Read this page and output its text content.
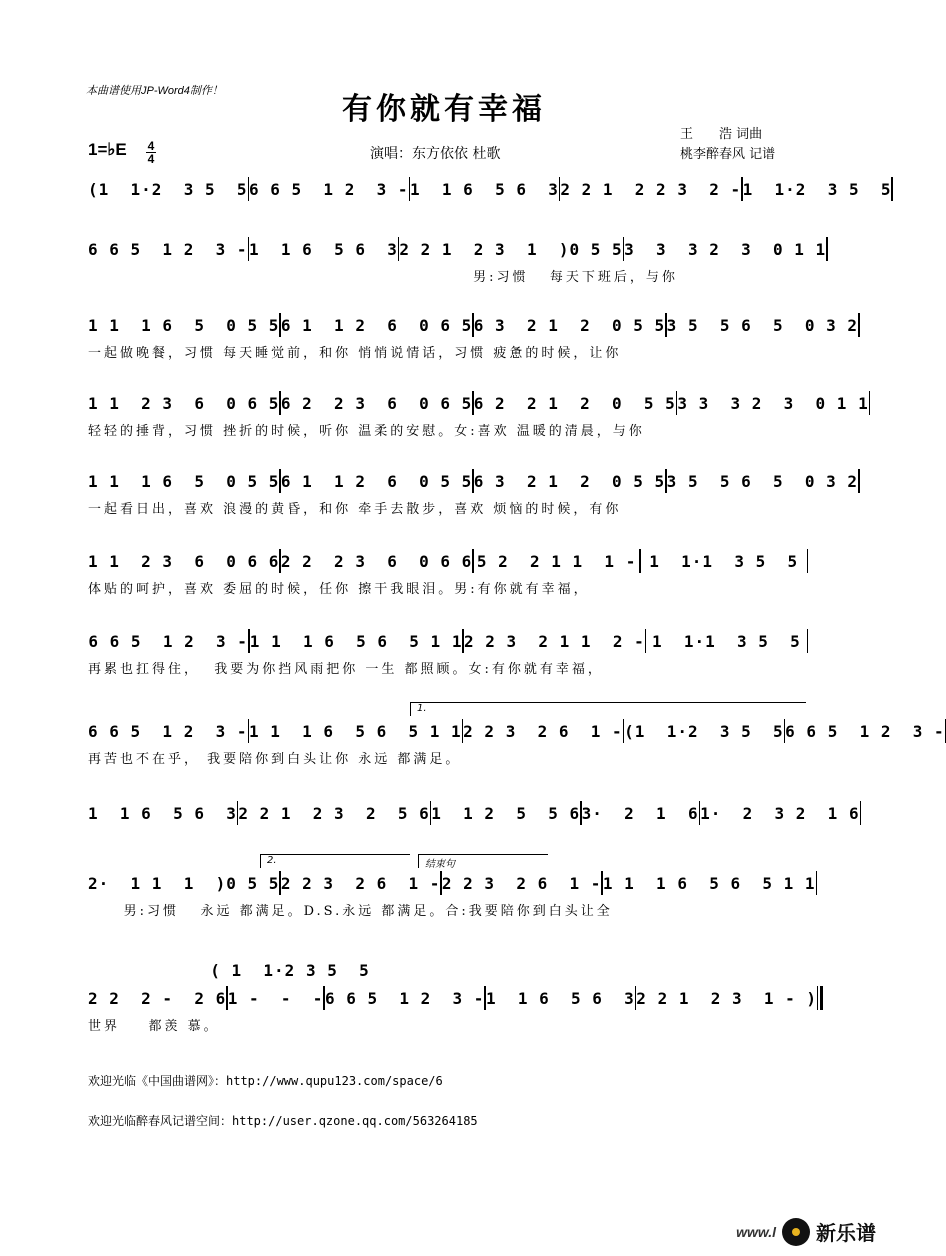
本曲谱使用JP-Word4制作！
有你就有幸福
1=♭E 4
4	演唱：东方依依 杜歌
王　　浩 词曲
桃李醉春风 记谱
(1  1·2  3 5  5 6 6 5  1 2  3 - 1  1 6  5 6  3 2 2 1  2 2 3  2 - 1  1·2  3 5  5
6 6 5  1 2  3 - 1  1 6  5 6  3 2 2 1  2 3  1  )0 5 5 3  3  3 2  3  0 1 1
男:习惯   每天下班后，与你
1 1  1 6  5  0 5 5 6 1  1 2  6  0 6 5 6 3  2 1  2  0 5 5 3 5  5 6  5  0 3 2
一起做晚餐，习惯 每天睡觉前，和你 悄悄说情话，习惯 疲惫的时候，让你
1 1  2 3  6  0 6 5 6 2  2 3  6  0 6 5 6 2  2 1  2  0  5 5 3 3  3 2  3  0 1 1
轻轻的捶背，习惯 挫折的时候，听你 温柔的安慰。女:喜欢 温暖的清晨，与你
1 1  1 6  5  0 5 5 6 1  1 2  6  0 5 5 6 3  2 1  2  0 5 5 3 5  5 6  5  0 3 2
一起看日出，喜欢 浪漫的黄昏，和你 牵手去散步，喜欢 烦恼的时候，有你
1 1  2 3  6  0 6 6 2 2  2 3  6  0 6 6 5 2  2 1 1  1 - 1  1·1  3 5  5
体贴的呵护，喜欢 委屈的时候，任你 擦干我眼泪。男:有你就有幸福，
6 6 5  1 2  3 - 1 1  1 6  5 6  5 1 1 2 2 3  2 1 1  2 - 1  1·1  3 5  5
再累也扛得住，  我要为你挡风雨把你 一生 都照顾。女:有你就有幸福，
6 6 5  1 2  3 - 1 1  1 6  5 6  5 1 1 2 2 3  2 6  1 - (1  1·2  3 5  5 6 6 5  1 2  3 -
再苦也不在乎， 我要陪你到白头让你 永远 都满足。
1.
1  1 6  5 6  3 2 2 1  2 3  2  5 6 1  1 2  5  5 6 3·  2  1  6 1·  2  3 2  1 6
2·  1 1  1  )0 5 5 2 2 3  2 6  1 - 2 2 3  2 6  1 - 1 1  1 6  5 6  5 1 1
男:习惯   永远 都满足。D.S.永远 都满足。合:我要陪你到白头让全
2.	结束句
2 2  2 -  2 6 1 -  -  - 6 6 5  1 2  3 - 1  1 6  5 6  3 2 2 1  2 3  1 - )
世界    都羡 慕。
( 1  1·2 3 5  5
欢迎光临《中国曲谱网》：http://www.qupu123.com/space/6
欢迎光临醉春风记谱空间：http://user.qzone.qq.com/563264185
www.l 新乐谱
